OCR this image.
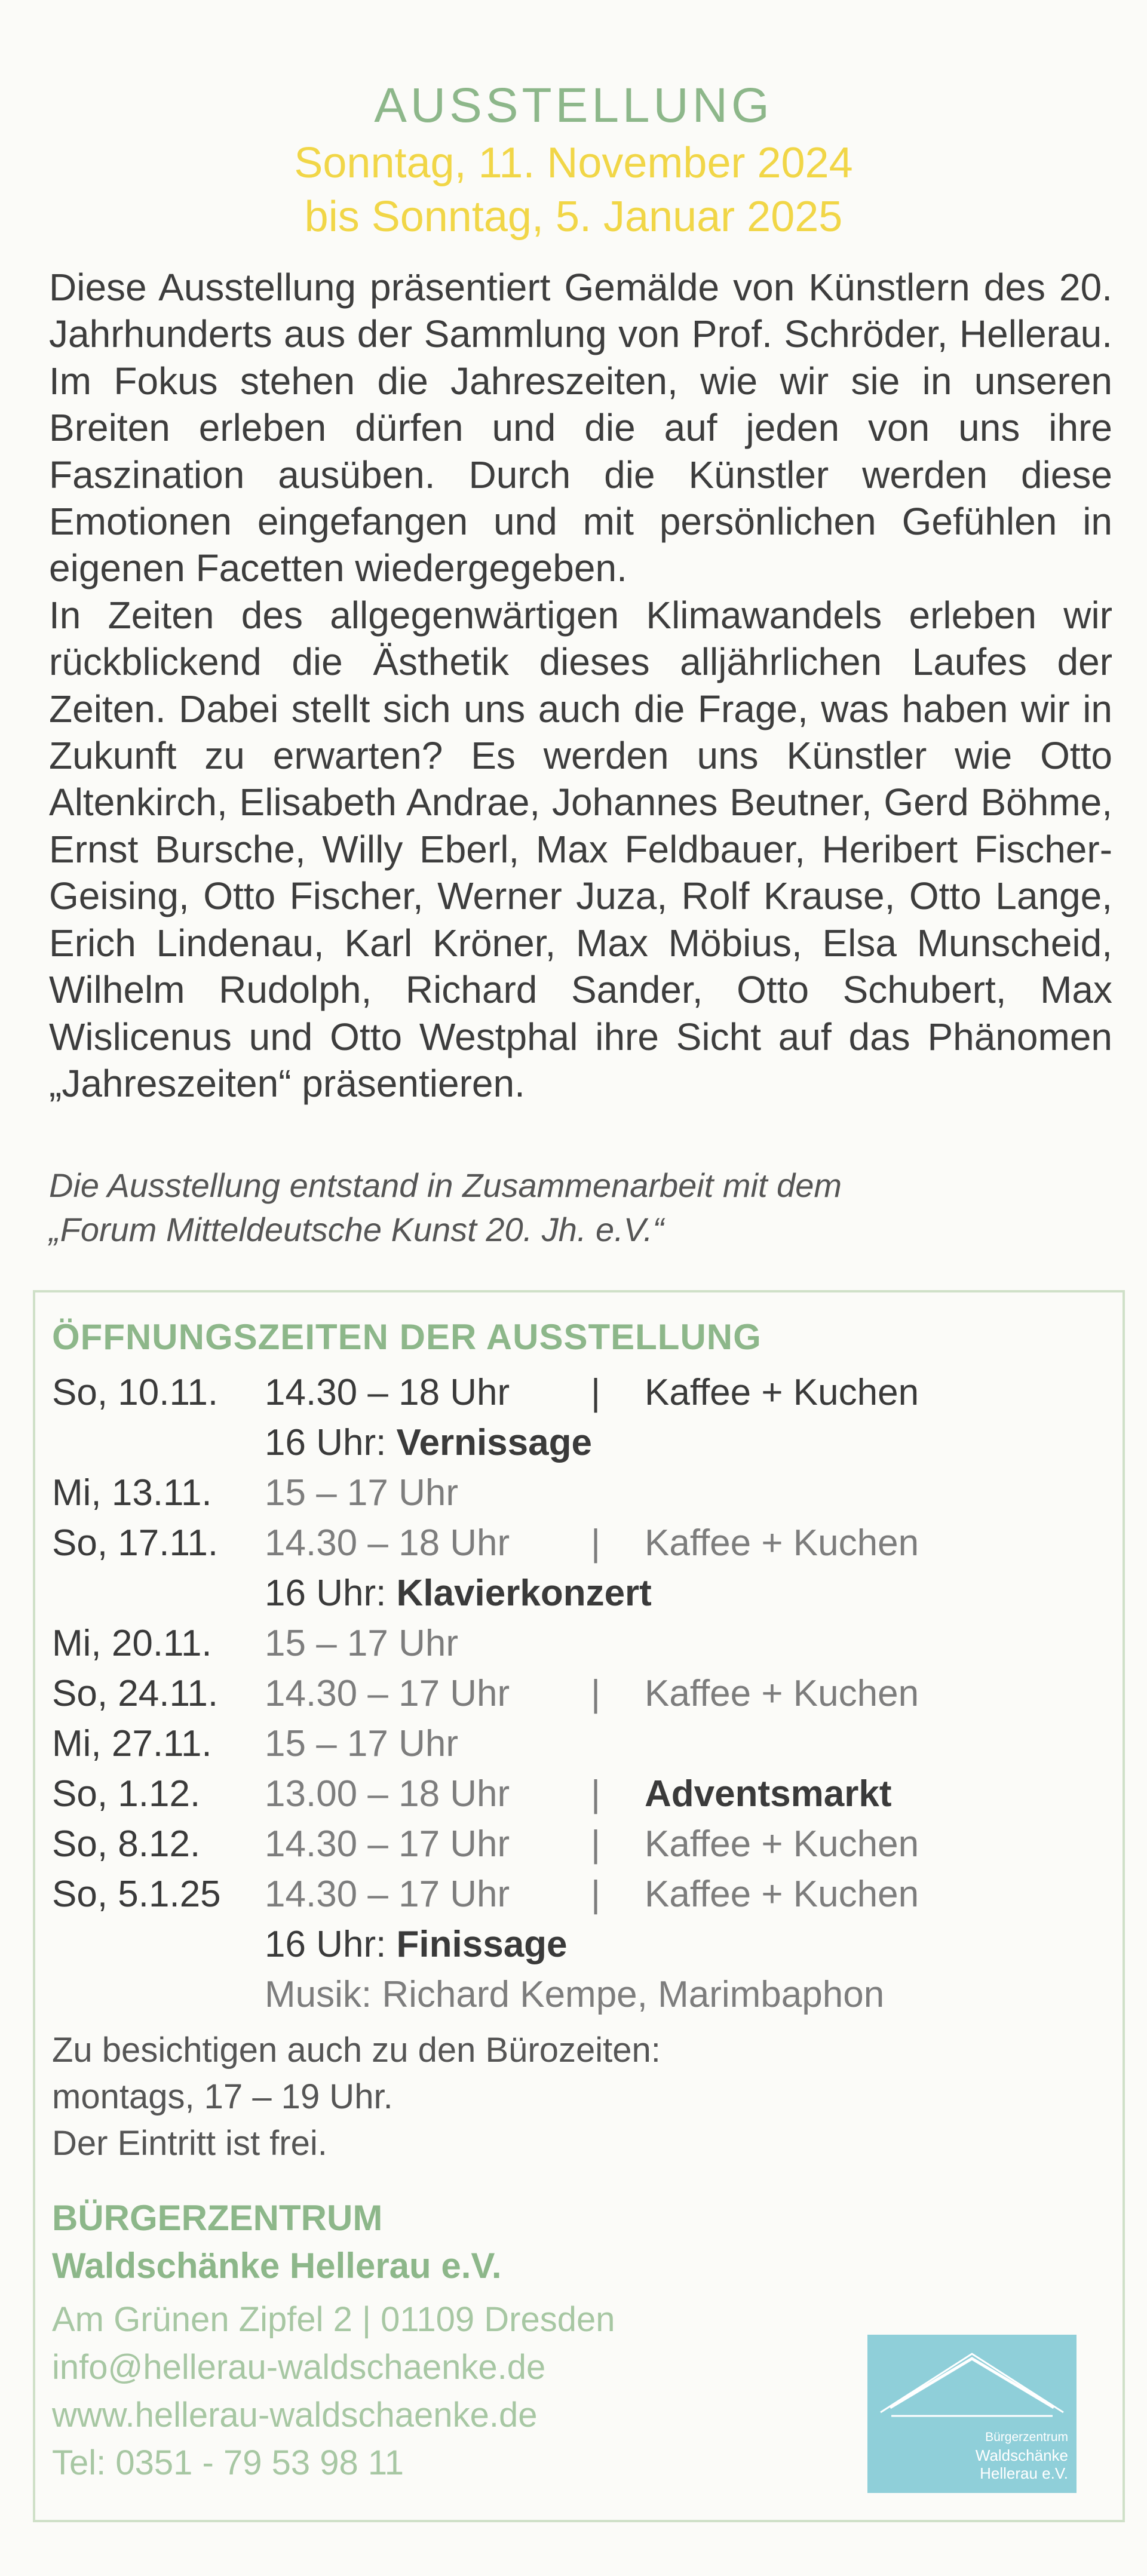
AUSSTELLUNG
Sonntag, 11. November 2024
bis Sonntag, 5. Januar 2025

Diese Ausstellung präsentiert Gemälde von Künstlern des 20. Jahrhunderts aus der Sammlung von Prof. Schröder, Hellerau. Im Fokus stehen die Jahreszeiten, wie wir sie in unseren Breiten erleben dürfen und die auf jeden von uns ihre Faszination ausüben. Durch die Künstler werden diese Emotionen eingefangen und mit persönlichen Gefühlen in eigenen Facetten wiedergegeben.

In Zeiten des allgegenwärtigen Klimawandels erleben wir rückblickend die Ästhetik dieses alljährlichen Laufes der Zeiten. Dabei stellt sich uns auch die Frage, was haben wir in Zukunft zu erwarten? Es werden uns Künstler wie Otto Altenkirch, Elisabeth Andrae, Johannes Beutner, Gerd Böhme, Ernst Bursche, Willy Eberl, Max Feldbauer, Heribert Fischer-Geising, Otto Fischer, Werner Juza, Rolf Krause, Otto Lange, Erich Lindenau, Karl Kröner, Max Möbius, Elsa Munscheid, Wilhelm Rudolph, Richard Sander, Otto Schubert, Max Wislicenus und Otto Westphal ihre Sicht auf das Phänomen „Jahreszeiten“ präsentieren.

Die Ausstellung entstand in Zusammenarbeit mit dem
„Forum Mitteldeutsche Kunst 20. Jh. e.V.“
ÖFFNUNGSZEITEN DER AUSSTELLUNG
So, 10.11. 14.30 – 18 Uhr | Kaffee + Kuchen
16 Uhr: Vernissage
Mi, 13.11. 15 – 17 Uhr
So, 17.11. 14.30 – 18 Uhr | Kaffee + Kuchen
16 Uhr: Klavierkonzert
Mi, 20.11. 15 – 17 Uhr
So, 24.11. 14.30 – 17 Uhr | Kaffee + Kuchen
Mi, 27.11. 15 – 17 Uhr
So, 1.12. 13.00 – 18 Uhr | Adventsmarkt
So, 8.12. 14.30 – 17 Uhr | Kaffee + Kuchen
So, 5.1.25 14.30 – 17 Uhr | Kaffee + Kuchen
16 Uhr: Finissage
Musik: Richard Kempe, Marimbaphon
Zu besichtigen auch zu den Bürozeiten:
montags, 17 – 19 Uhr.
Der Eintritt ist frei.
BÜRGERZENTRUM
Waldschänke Hellerau e.V.
Am Grünen Zipfel 2 | 01109 Dresden
info@hellerau-waldschaenke.de
www.hellerau-waldschaenke.de
Tel: 0351 - 79 53 98 11
Bürgerzentrum
Waldschänke
Hellerau e.V.
